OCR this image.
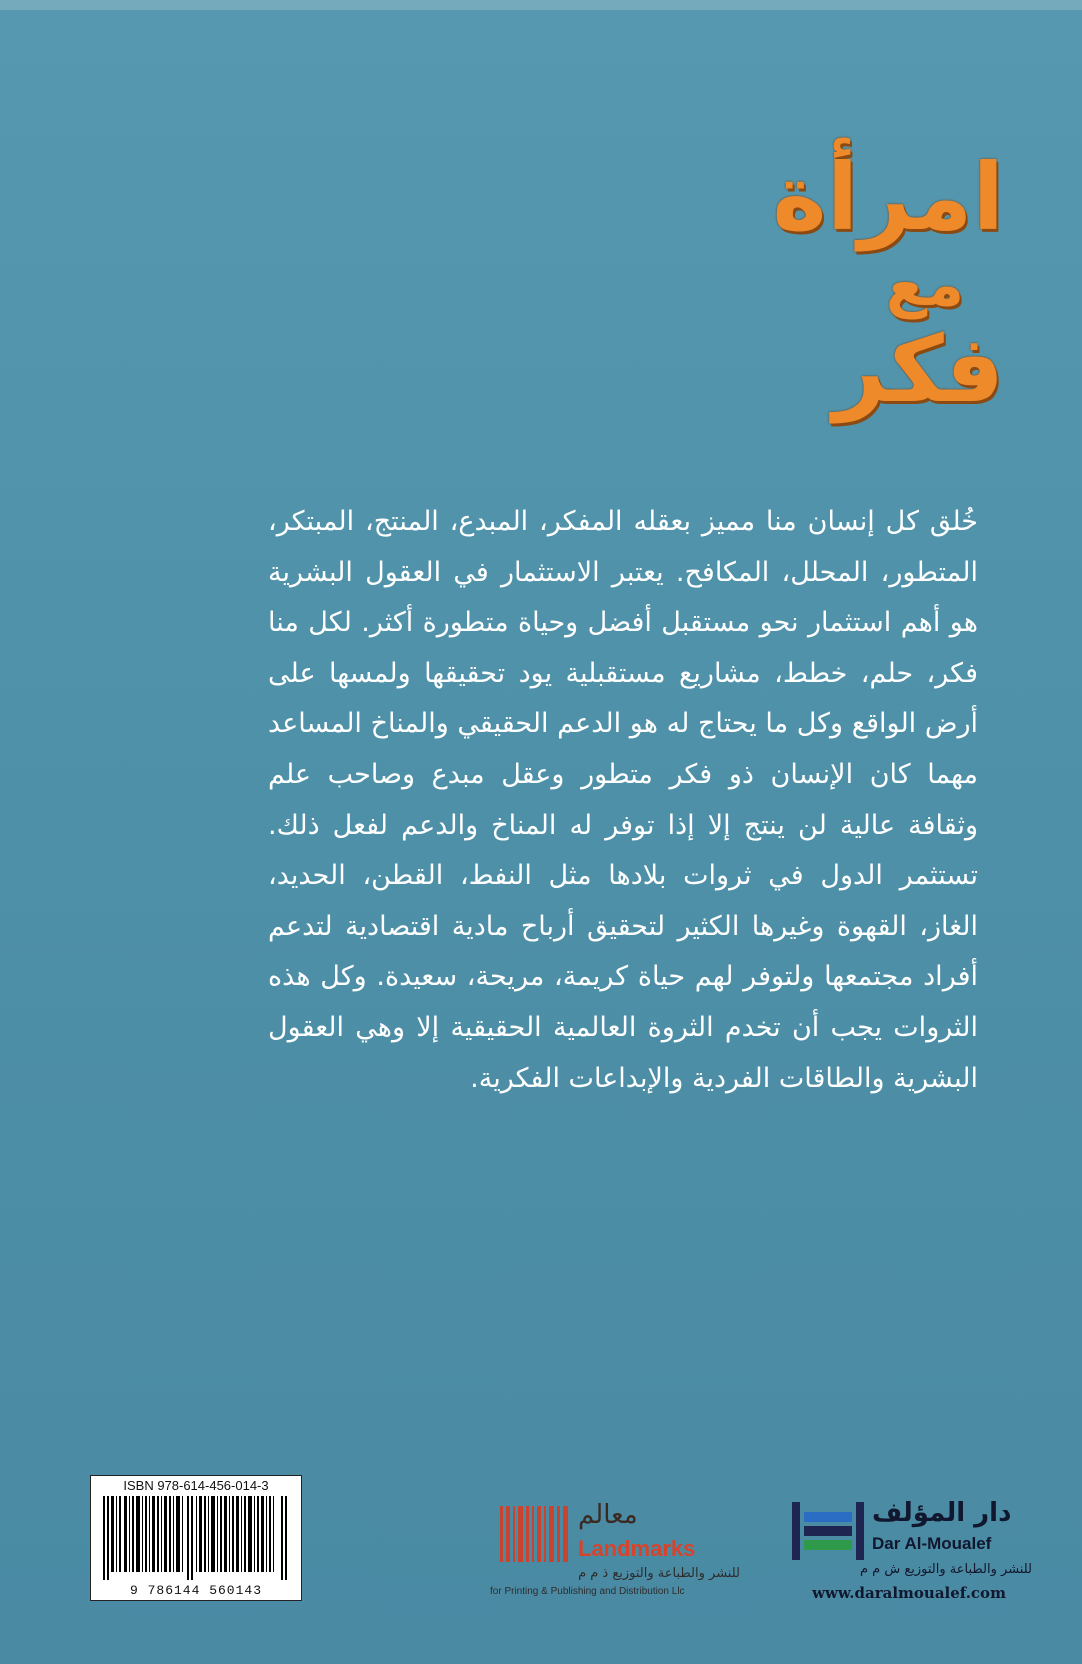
امرأة
مع
فكر

خُلق كل إنسان منا مميز بعقله المفكر، المبدع، المنتج، المبتكر، المتطور، المحلل، المكافح. يعتبر الاستثمار في العقول البشرية هو أهم استثمار نحو مستقبل أفضل وحياة متطورة أكثر. لكل منا فكر، حلم، خطط، مشاريع مستقبلية يود تحقيقها ولمسها على أرض الواقع وكل ما يحتاج له هو الدعم الحقيقي والمناخ المساعد مهما كان الإنسان ذو فكر متطور وعقل مبدع وصاحب علم وثقافة عالية لن ينتج إلا إذا توفر له المناخ والدعم لفعل ذلك. تستثمر الدول في ثروات بلادها مثل النفط، القطن، الحديد، الغاز، القهوة وغيرها الكثير لتحقيق أرباح مادية اقتصادية لتدعم أفراد مجتمعها ولتوفر لهم حياة كريمة، مريحة، سعيدة. وكل هذه الثروات يجب أن تخدم الثروة العالمية الحقيقية إلا وهي العقول البشرية والطاقات الفردية والإبداعات الفكرية.

ISBN 978-614-456-014-3
9 786144 560143
معالم
Landmarks
للنشر والطباعة والتوزيع ذ م م
for Printing & Publishing and Distribution Llc
دار المؤلف
Dar Al-Moualef
للنشر والطباعة والتوزيع ش م م
www.daralmoualef.com
